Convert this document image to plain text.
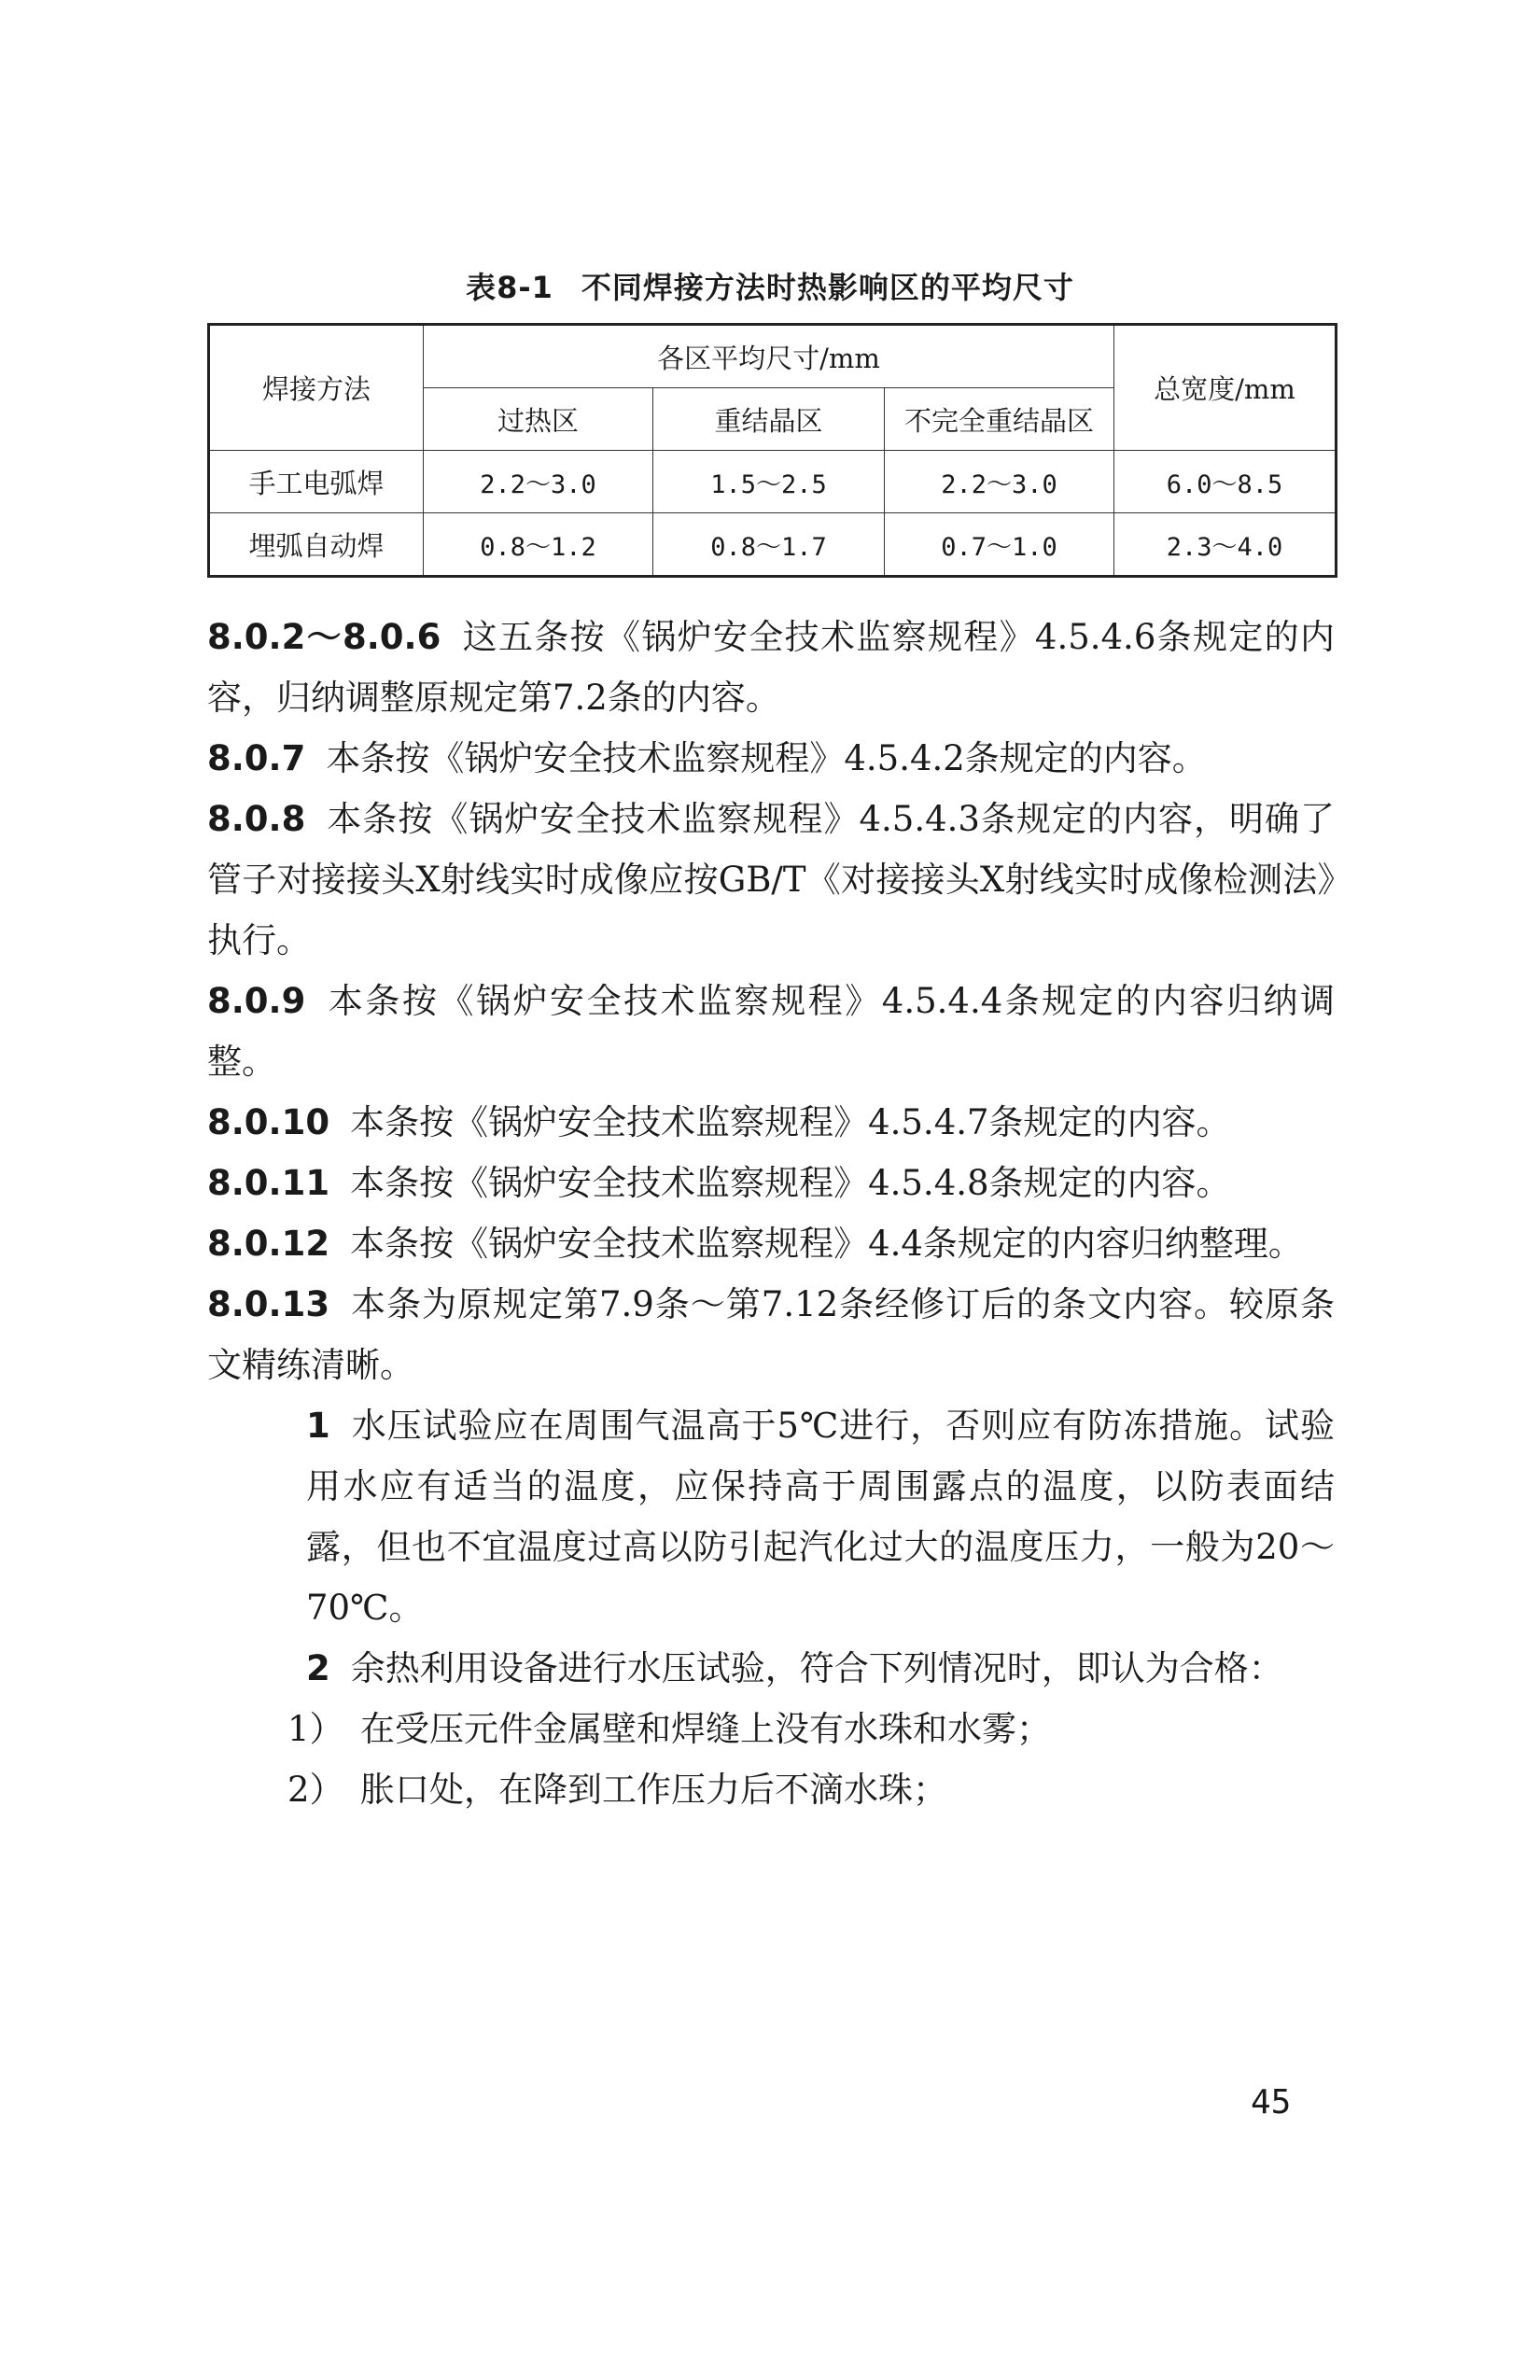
表8-1 不同焊接方法时热影响区的平均尺寸
焊接方法	各区平均尺寸/mm			总宽度/mm
	过热区	重结晶区	不完全重结晶区	
手工电弧焊	2.2～3.0	1.5～2.5	2.2～3.0	6.0～8.5
埋弧自动焊	0.8～1.2	0.8～1.7	0.7～1.0	2.3～4.0

8.0.2～8.0.6 这五条按《锅炉安全技术监察规程》4.5.4.6条规定的内容，归纳调整原规定第7.2条的内容。

8.0.7 本条按《锅炉安全技术监察规程》4.5.4.2条规定的内容。

8.0.8 本条按《锅炉安全技术监察规程》4.5.4.3条规定的内容，明确了管子对接接头X射线实时成像应按GB/T《对接接头X射线实时成像检测法》执行。

8.0.9 本条按《锅炉安全技术监察规程》4.5.4.4条规定的内容归纳调整。

8.0.10 本条按《锅炉安全技术监察规程》4.5.4.7条规定的内容。

8.0.11 本条按《锅炉安全技术监察规程》4.5.4.8条规定的内容。

8.0.12 本条按《锅炉安全技术监察规程》4.4条规定的内容归纳整理。

8.0.13 本条为原规定第7.9条～第7.12条经修订后的条文内容。较原条文精练清晰。

1 水压试验应在周围气温高于5℃进行，否则应有防冻措施。试验用水应有适当的温度，应保持高于周围露点的温度，以防表面结露，但也不宜温度过高以防引起汽化过大的温度压力，一般为20～70℃。

2 余热利用设备进行水压试验，符合下列情况时，即认为合格：

1） 在受压元件金属壁和焊缝上没有水珠和水雾；

2） 胀口处，在降到工作压力后不滴水珠；

45
